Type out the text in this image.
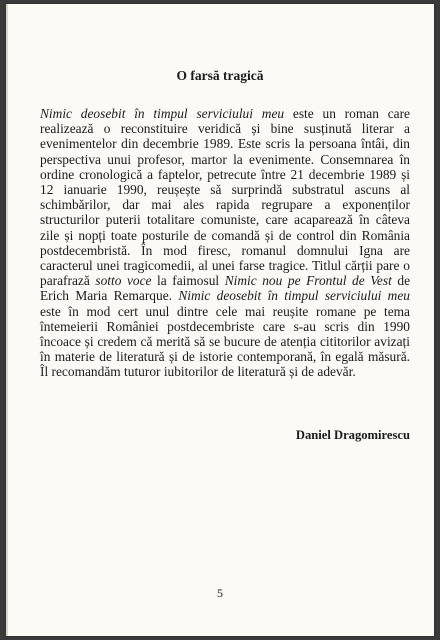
O farsă tragică

Nimic deosebit în timpul serviciului meu este un roman care realizează o reconstituire veridică și bine susținută literar a evenimentelor din decembrie 1989. Este scris la persoana întâi, din perspectiva unui profesor, martor la evenimente. Consemnarea în ordine cronologică a faptelor, petrecute între 21 decembrie 1989 și 12 ianuarie 1990, reușește să surprindă substratul ascuns al schimbărilor, dar mai ales rapida regrupare a exponenților structurilor puterii totalitare comuniste, care acaparează în câteva zile și nopți toate posturile de comandă și de control din România postdecembristă. În mod firesc, romanul domnului Igna are caracterul unei tragicomedii, al unei farse tragice. Titlul cărții pare o parafrază sotto voce la faimosul Nimic nou pe Frontul de Vest de Erich Maria Remarque. Nimic deosebit în timpul serviciului meu este în mod cert unul dintre cele mai reușite romane pe tema întemeierii României postdecembriste care s-au scris din 1990 încoace și credem că merită să se bucure de atenția cititorilor avizați în materie de literatură și de istorie contemporană, în egală măsură. Îl recomandăm tuturor iubitorilor de literatură și de adevăr.

Daniel Dragomirescu

5
